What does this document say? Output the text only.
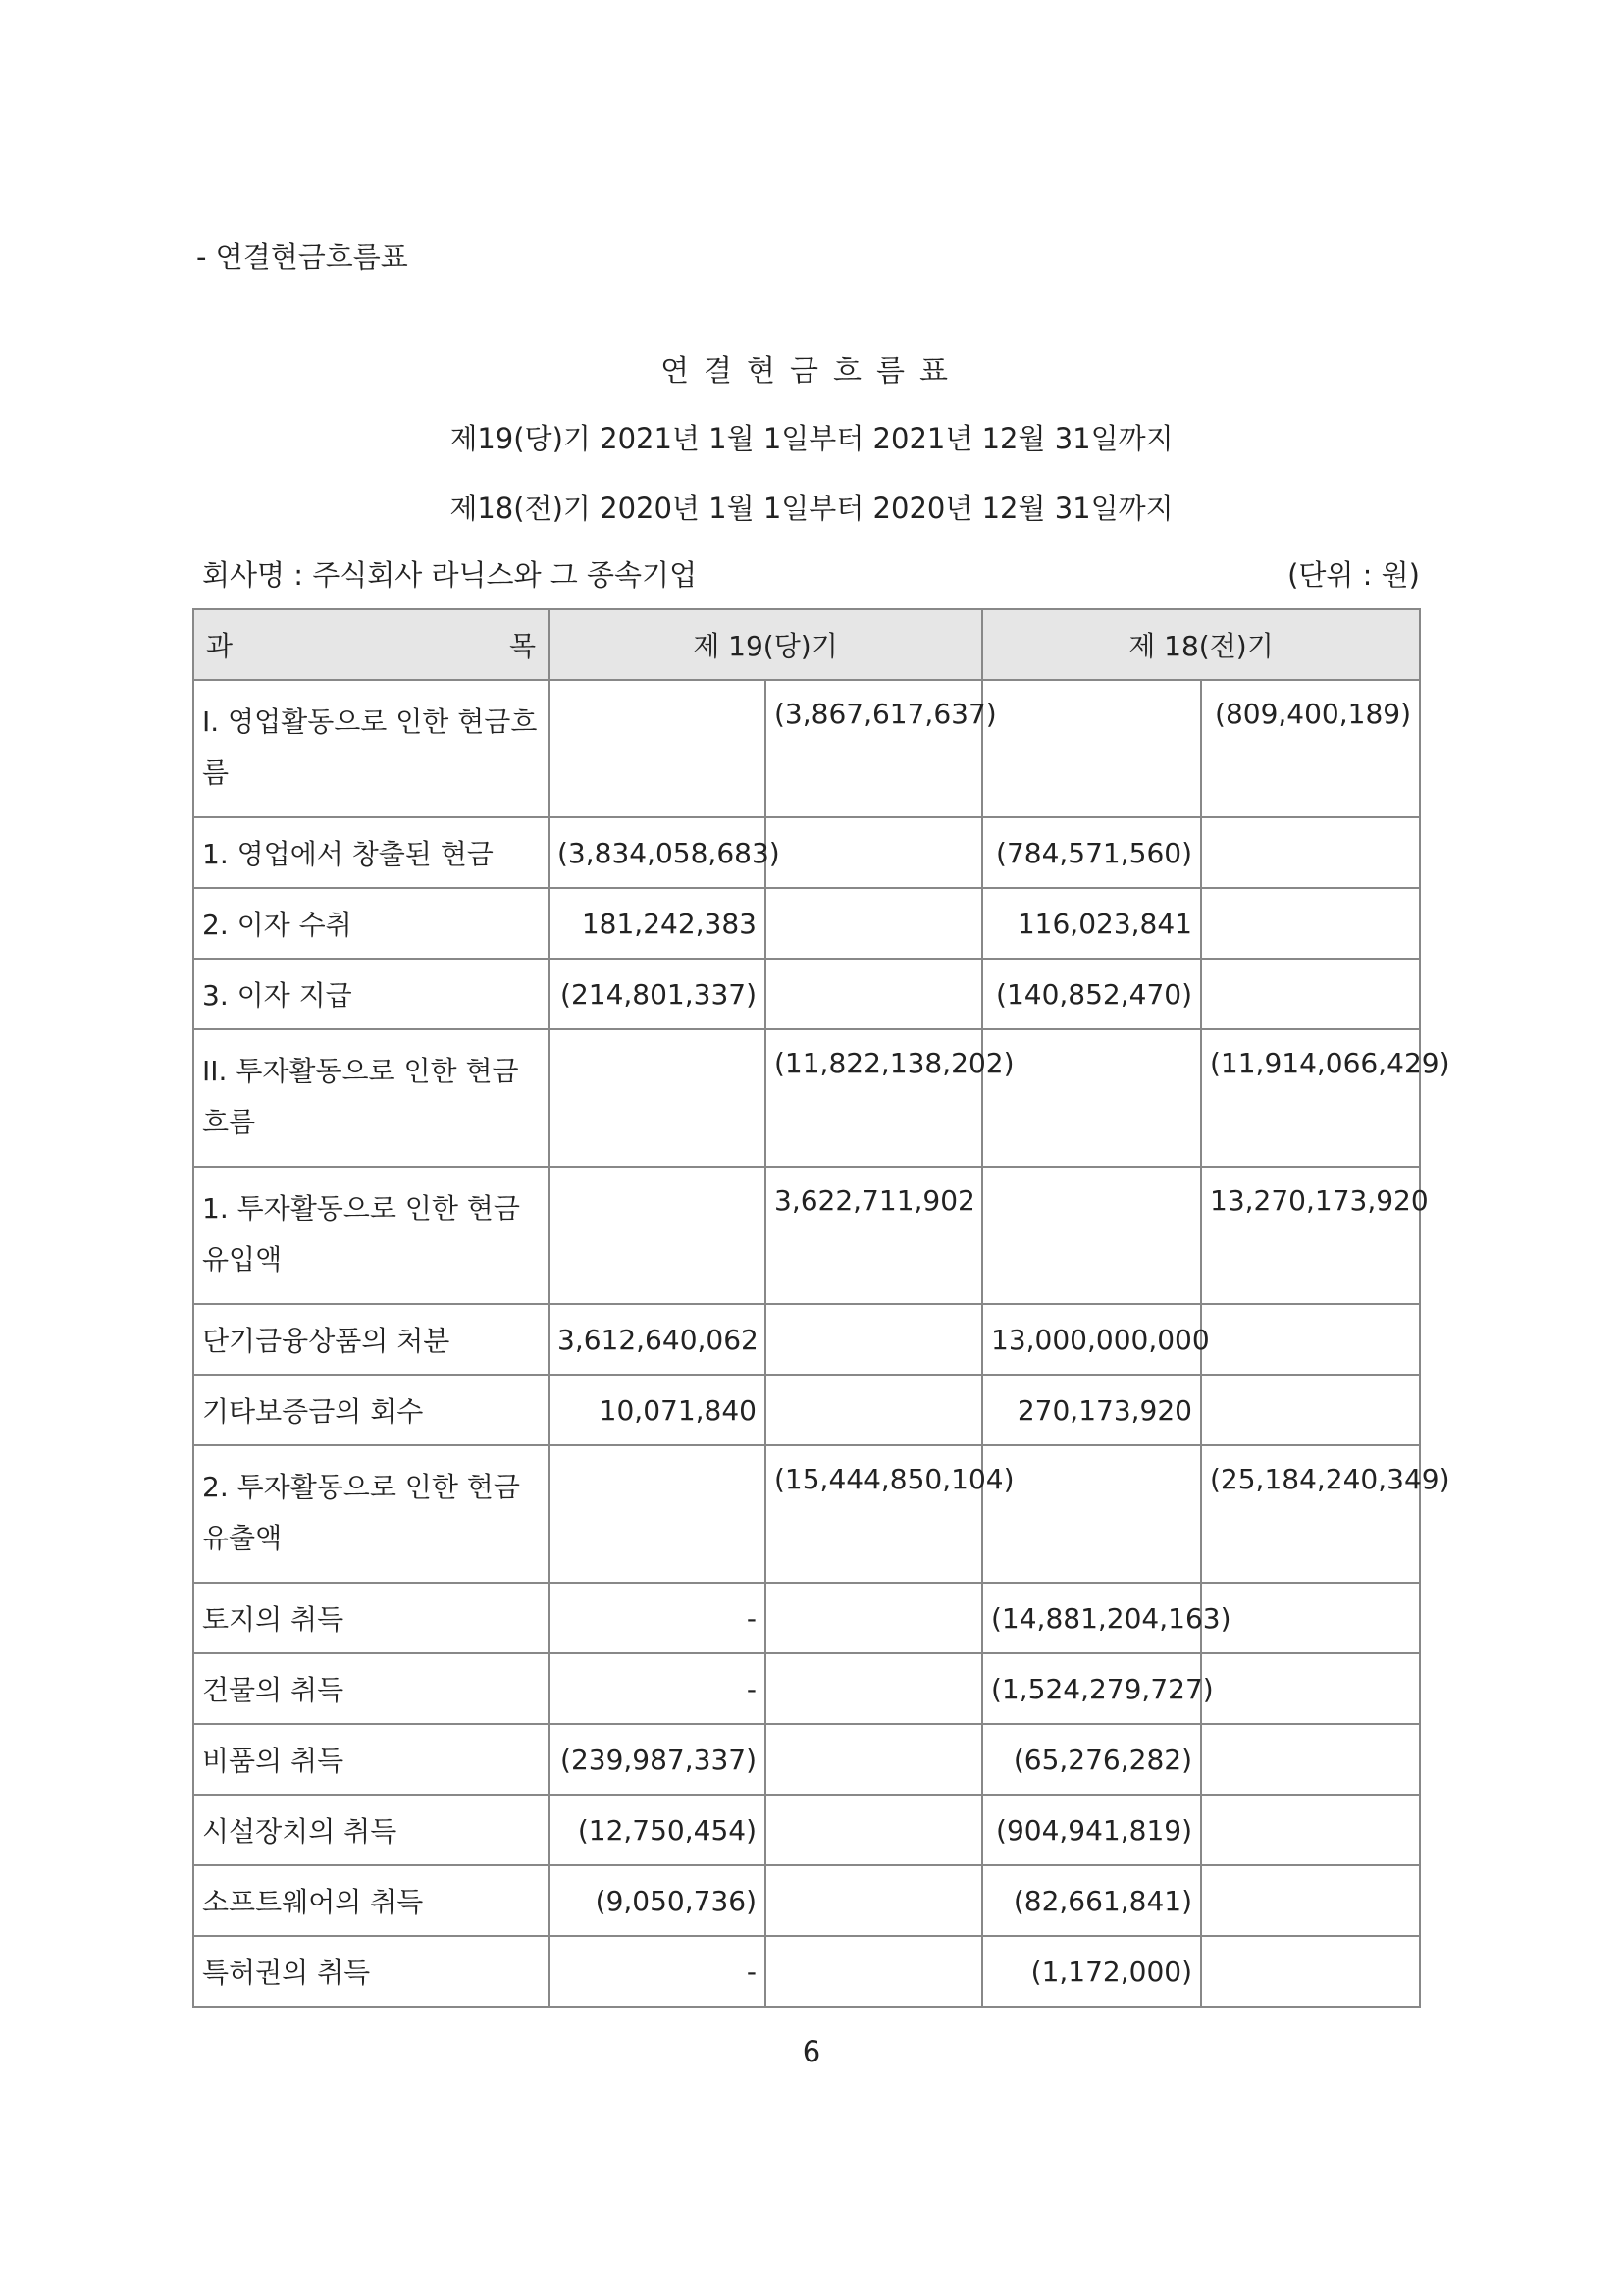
- 연결현금흐름표
연결현금흐름표
제19(당)기 2021년 1월 1일부터 2021년 12월 31일까지
제18(전)기 2020년 1월 1일부터 2020년 12월 31일까지
회사명 : 주식회사 라닉스와 그 종속기업	(단위 : 원)
과 목	제 19(당)기		제 18(전)기	
I. 영업활동으로 인한 현금흐름		(3,867,617,637)		(809,400,189)
1. 영업에서 창출된 현금	(3,834,058,683)		(784,571,560)	
2. 이자 수취	181,242,383		116,023,841	
3. 이자 지급	(214,801,337)		(140,852,470)	
II. 투자활동으로 인한 현금흐름		(11,822,138,202)		(11,914,066,429)
1. 투자활동으로 인한 현금유입액		3,622,711,902		13,270,173,920
단기금융상품의 처분	3,612,640,062		13,000,000,000	
기타보증금의 회수	10,071,840		270,173,920	
2. 투자활동으로 인한 현금유출액		(15,444,850,104)		(25,184,240,349)
토지의 취득	-		(14,881,204,163)	
건물의 취득	-		(1,524,279,727)	
비품의 취득	(239,987,337)		(65,276,282)	
시설장치의 취득	(12,750,454)		(904,941,819)	
소프트웨어의 취득	(9,050,736)		(82,661,841)	
특허권의 취득	-		(1,172,000)	
6
